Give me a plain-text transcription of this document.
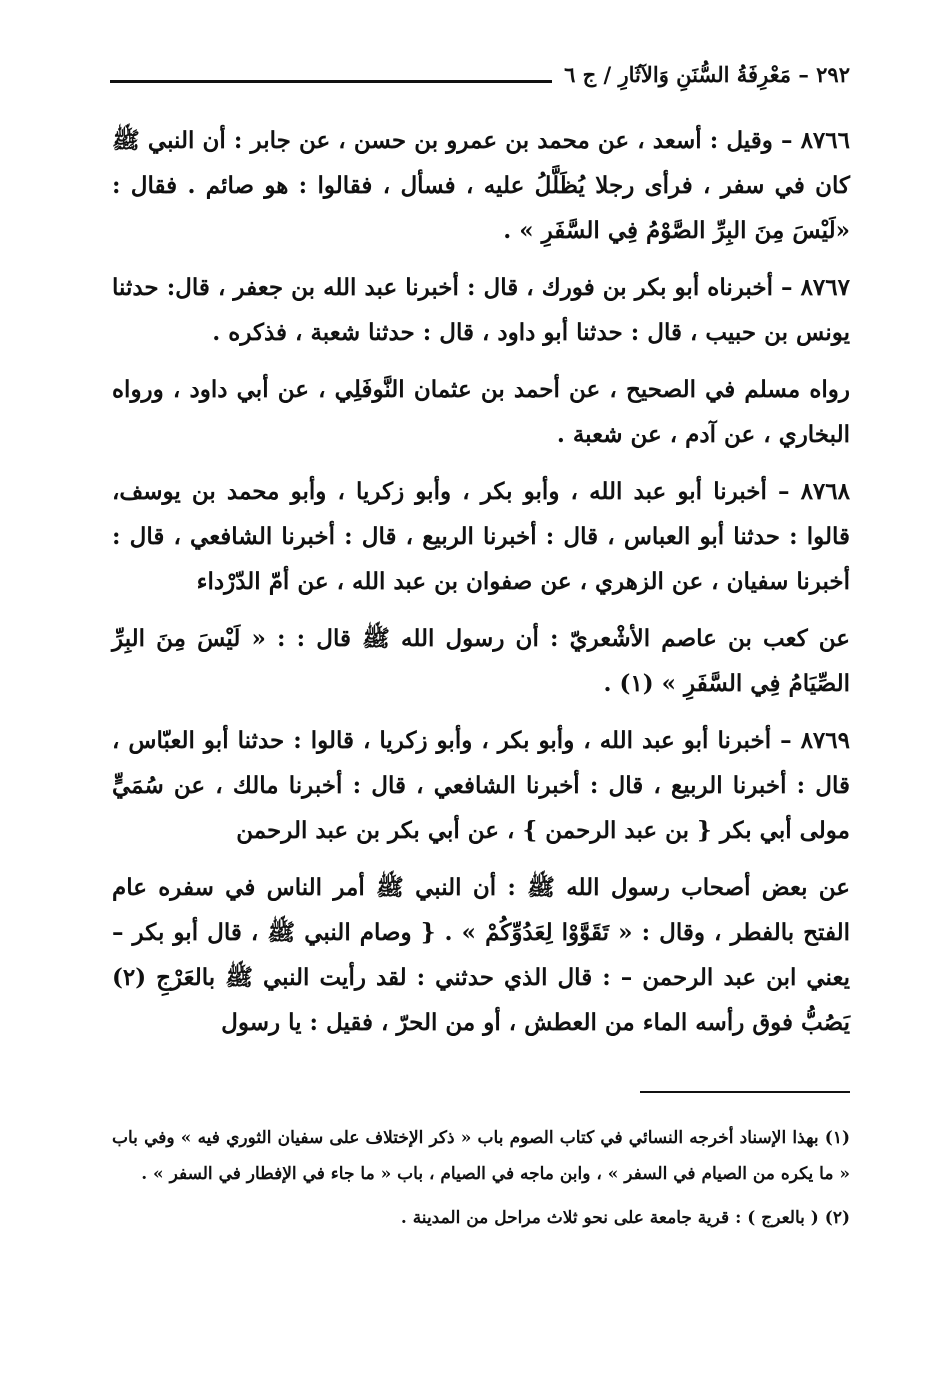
٢٩٢ – مَعْرِفَةُ السُّنَنِ وَالآثَارِ / ج ٦

٨٧٦٦ – وقيل : أسعد ، عن محمد بن عمرو بن حسن ، عن جابر : أن النبي ﷺ كان في سفر ، فرأى رجلا يُظَلَّلُ عليه ، فسأل ، فقالوا : هو صائم . فقال : «لَيْسَ مِنَ البِرِّ الصَّوْمُ فِي السَّفَرِ » .

٨٧٦٧ – أخبرناه أبو بكر بن فورك ، قال : أخبرنا عبد الله بن جعفر ، قال: حدثنا يونس بن حبيب ، قال : حدثنا أبو داود ، قال : حدثنا شعبة ، فذكره .

رواه مسلم في الصحيح ، عن أحمد بن عثمان النَّوفَلِي ، عن أبي داود ، ورواه البخاري ، عن آدم ، عن شعبة .

٨٧٦٨ – أخبرنا أبو عبد الله ، وأبو بكر ، وأبو زكريا ، وأبو محمد بن يوسف، قالوا : حدثنا أبو العباس ، قال : أخبرنا الربيع ، قال : أخبرنا الشافعي ، قال : أخبرنا سفيان ، عن الزهري ، عن صفوان بن عبد الله ، عن أمّ الدّرْداء

عن كعب بن عاصم الأشْعريّ : أن رسول الله ﷺ قال : : « لَيْسَ مِنَ البِرِّ الصِّيَامُ فِي السَّفَرِ » (١) .

٨٧٦٩ – أخبرنا أبو عبد الله ، وأبو بكر ، وأبو زكريا ، قالوا : حدثنا أبو العبّاس ، قال : أخبرنا الربيع ، قال : أخبرنا الشافعي ، قال : أخبرنا مالك ، عن سُمَيٍّ مولى أبي بكر { بن عبد الرحمن } ، عن أبي بكر بن عبد الرحمن

عن بعض أصحاب رسول الله ﷺ : أن النبي ﷺ أمر الناس في سفره عام الفتح بالفطر ، وقال : « تَقَوَّوْا لِعَدُوِّكُمْ » . { وصام النبي ﷺ ، قال أبو بكر – يعني ابن عبد الرحمن – : قال الذي حدثني : لقد رأيت النبي ﷺ بالعَرْجِ (٢) يَصُبُّ فوق رأسه الماء من العطش ، أو من الحرّ ، فقيل : يا رسول

(١) بهذا الإسناد أخرجه النسائي في كتاب الصوم باب « ذكر الإختلاف على سفيان الثوري فيه » وفي باب « ما يكره من الصيام في السفر » ، وابن ماجه في الصيام ، باب « ما جاء في الإفطار في السفر » .

(٢) ( بالعرج ) : قرية جامعة على نحو ثلاث مراحل من المدينة .
